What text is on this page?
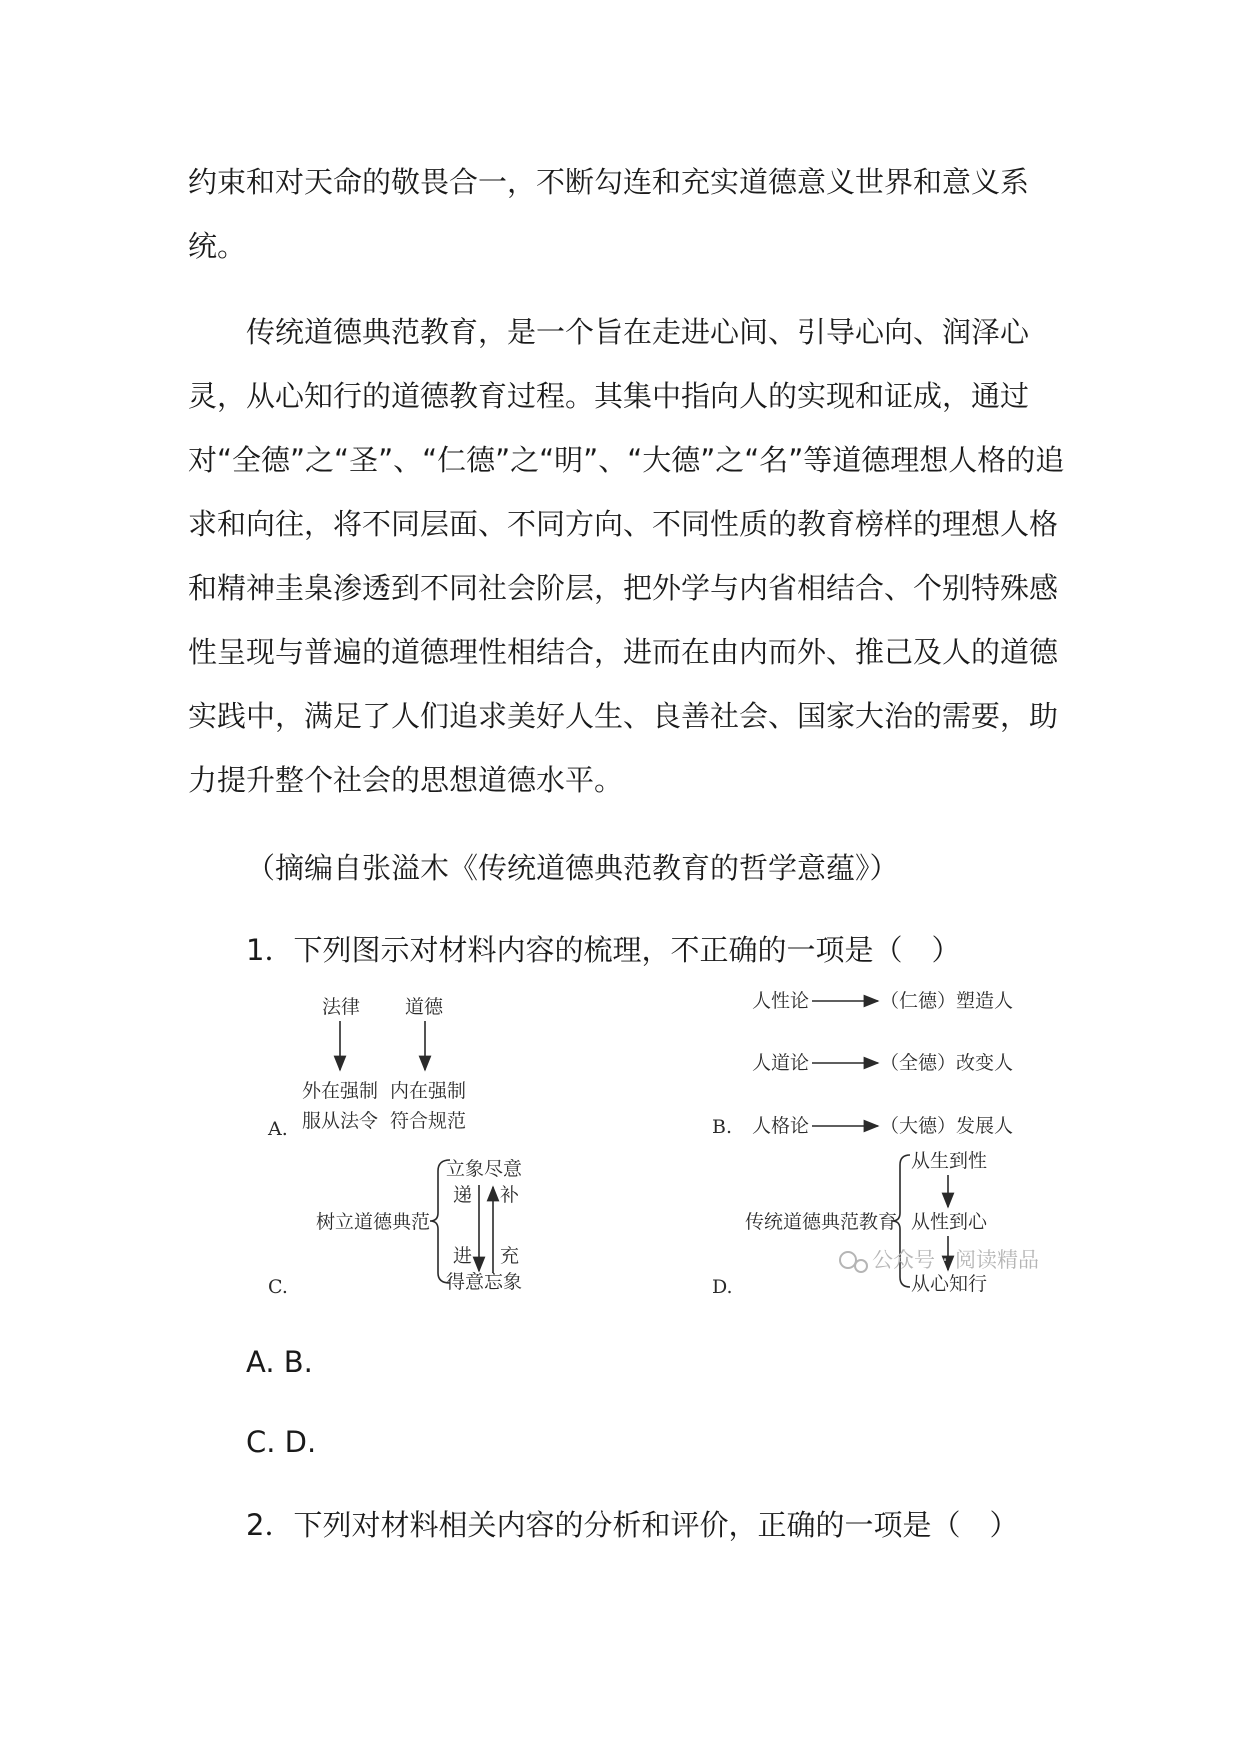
约束和对天命的敬畏合一，不断勾连和充实道德意义世界和意义系统。

传统道德典范教育，是一个旨在走进心间、引导心向、润泽心灵，从心知行的道德教育过程。其集中指向人的实现和证成，通过对“全德”之“圣”、“仁德”之“明”、“大德”之“名”等道德理想人格的追求和向往，将不同层面、不同方向、不同性质的教育榜样的理想人格和精神圭臬渗透到不同社会阶层，把外学与内省相结合、个别特殊感性呈现与普遍的道德理性相结合，进而在由内而外、推己及人的道德实践中，满足了人们追求美好人生、良善社会、国家大治的需要，助力提升整个社会的思想道德水平。

（摘编自张溢木《传统道德典范教育的哲学意蕴》）
1．下列图示对材料内容的梳理，不正确的一项是（　）
A.
法律
外在强制
服从法令
道德
内在强制
符合规范	B.
人性论	（仁德）塑造人
人道论	（全德）改变人
人格论	（大德）发展人
C.
树立道德典范
立象尽意
得意忘象
递
进
补
充
D.
传统道德典范教育
从生到性
从性到心
从心知行
公众号 · 阅读精品
A. B.
C. D.
2．下列对材料相关内容的分析和评价，正确的一项是（　）
